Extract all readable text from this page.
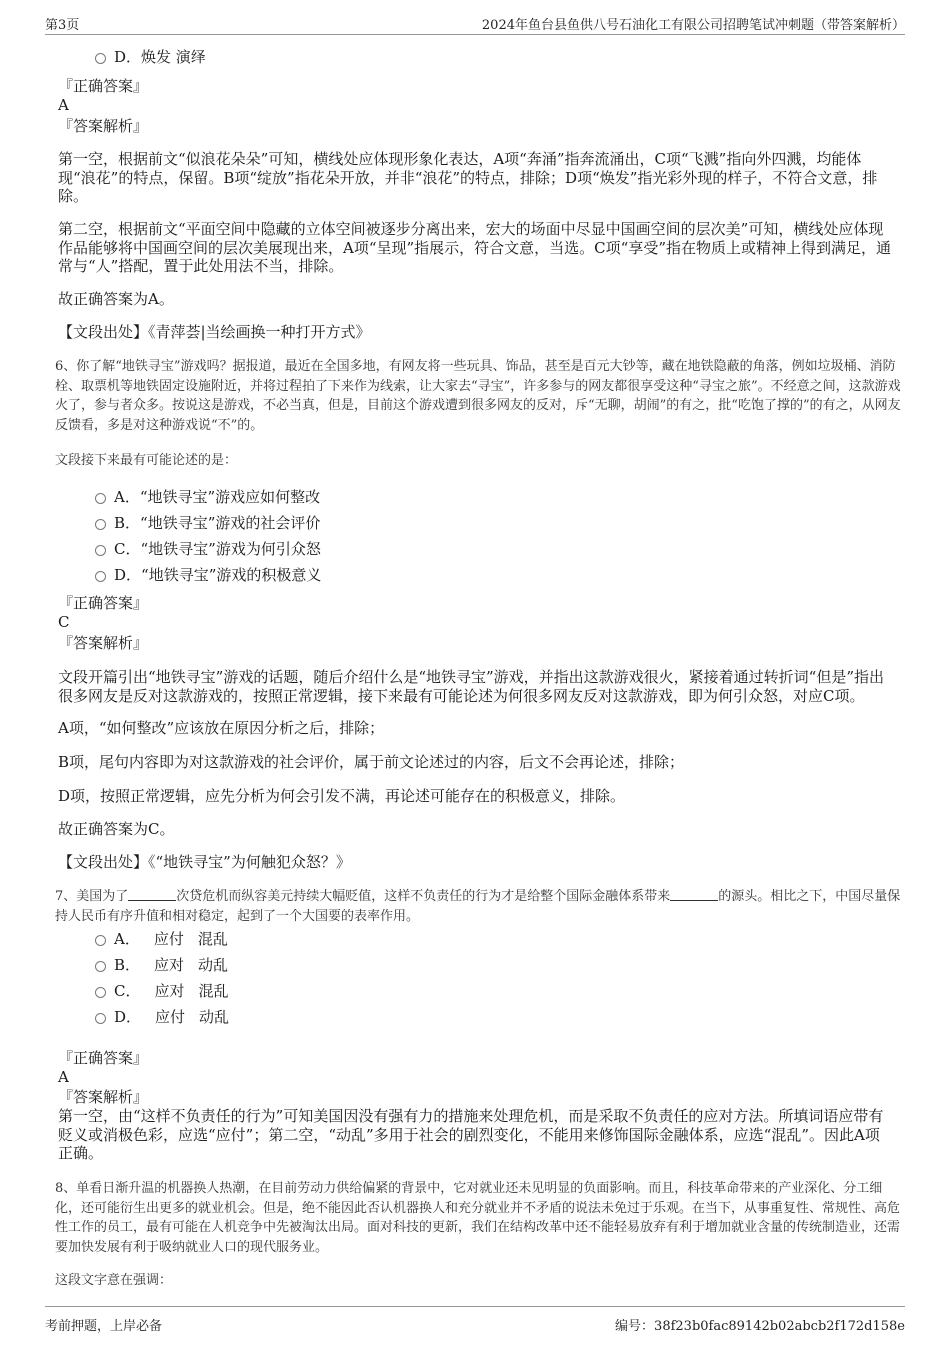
第3页	2024年鱼台县鱼供八号石油化工有限公司招聘笔试冲刺题（带答案解析）
D．焕发 演绎
『正确答案』
A
『答案解析』
第一空，根据前文“似浪花朵朵”可知，横线处应体现形象化表达，A项“奔涌”指奔流涌出，C项“飞溅”指向外四溅，均能体现“浪花”的特点，保留。B项“绽放”指花朵开放，并非“浪花”的特点，排除；D项“焕发”指光彩外现的样子，不符合文意，排除。
第二空，根据前文“平面空间中隐藏的立体空间被逐步分离出来，宏大的场面中尽显中国画空间的层次美”可知，横线处应体现作品能够将中国画空间的层次美展现出来，A项“呈现”指展示，符合文意，当选。C项“享受”指在物质上或精神上得到满足，通常与“人”搭配，置于此处用法不当，排除。
故正确答案为A。
【文段出处】《青萍荟|当绘画换一种打开方式》
6、你了解“地铁寻宝”游戏吗？据报道，最近在全国多地，有网友将一些玩具、饰品，甚至是百元大钞等，藏在地铁隐蔽的角落，例如垃圾桶、消防栓、取票机等地铁固定设施附近，并将过程拍了下来作为线索，让大家去“寻宝”，许多参与的网友都很享受这种“寻宝之旅”。不经意之间，这款游戏火了，参与者众多。按说这是游戏，不必当真，但是，目前这个游戏遭到很多网友的反对，斥“无聊，胡闹”的有之，批“吃饱了撑的”的有之，从网友反馈看，多是对这种游戏说“不”的。
文段接下来最有可能论述的是：
A．“地铁寻宝”游戏应如何整改
B．“地铁寻宝”游戏的社会评价
C．“地铁寻宝”游戏为何引众怒
D．“地铁寻宝”游戏的积极意义
『正确答案』
C
『答案解析』
文段开篇引出“地铁寻宝”游戏的话题，随后介绍什么是“地铁寻宝”游戏，并指出这款游戏很火，紧接着通过转折词“但是”指出很多网友是反对这款游戏的，按照正常逻辑，接下来最有可能论述为何很多网友反对这款游戏，即为何引众怒，对应C项。
A项，“如何整改”应该放在原因分析之后，排除；
B项，尾句内容即为对这款游戏的社会评价，属于前文论述过的内容，后文不会再论述，排除；
D项，按照正常逻辑，应先分析为何会引发不满，再论述可能存在的积极意义，排除。
故正确答案为C。
【文段出处】《“地铁寻宝”为何触犯众怒？》
7、美国为了	次贷危机而纵容美元持续大幅贬值，这样不负责任的行为才是给整个国际金融体系带来	的源头。相比之下，中国尽量保持人民币有序升值和相对稳定，起到了一个大国要的表率作用。
A． 应付 混乱
B． 应对 动乱
C． 应对 混乱
D． 应付 动乱
『正确答案』
A
『答案解析』
第一空，由“这样不负责任的行为”可知美国因没有强有力的措施来处理危机，而是采取不负责任的应对方法。所填词语应带有贬义或消极色彩，应选“应付”；第二空，“动乱”多用于社会的剧烈变化，不能用来修饰国际金融体系，应选“混乱”。因此A项正确。
8、单看日渐升温的机器换人热潮，在目前劳动力供给偏紧的背景中，它对就业还未见明显的负面影响。而且，科技革命带来的产业深化、分工细化，还可能衍生出更多的就业机会。但是，绝不能因此否认机器换人和充分就业并不矛盾的说法未免过于乐观。在当下，从事重复性、常规性、高危性工作的员工，最有可能在人机竞争中先被淘汰出局。面对科技的更新，我们在结构改革中还不能轻易放弃有利于增加就业含量的传统制造业，还需要加快发展有利于吸纳就业人口的现代服务业。
这段文字意在强调：
考前押题，上岸必备	编号：38f23b0fac89142b02abcb2f172d158e
